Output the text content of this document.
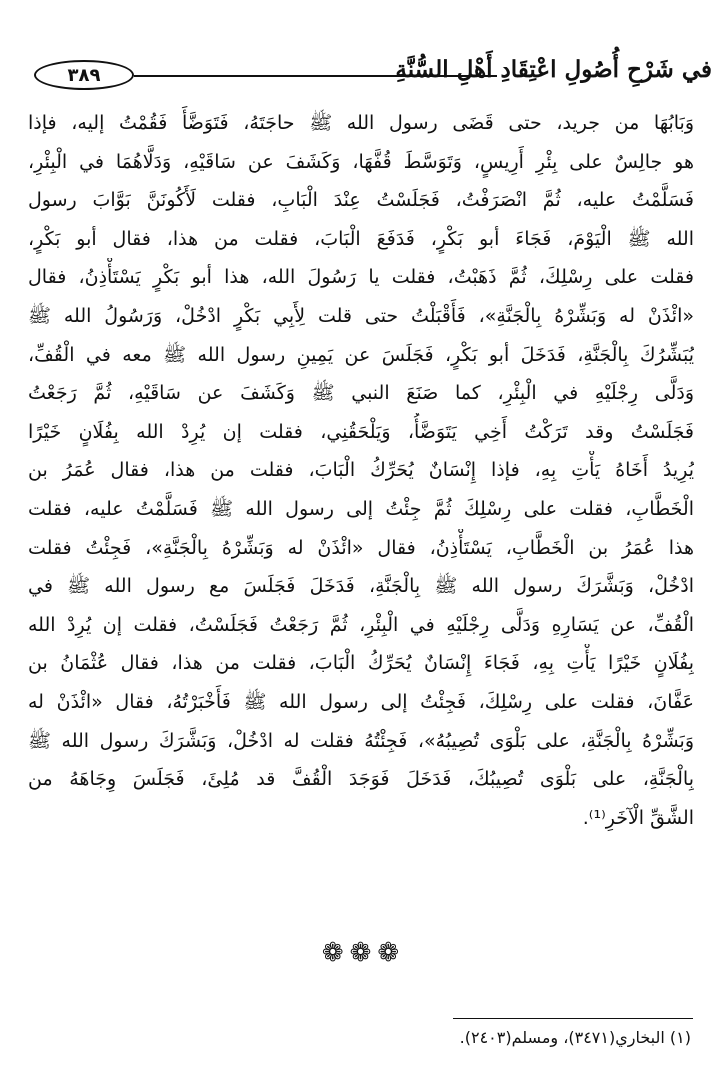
٣٨٩	في شَرْحِ أُصُولِ اعْتِقَادِ أَهْلِ السُّنَّةِ
وَبَابُهَا من جريد، حتى قَضَى رسول الله ﷺ حاجَتَهُ، فَتَوَضَّأَ فَقُمْتُ إليه، فإذا
هو جالِسٌ على بِئْرِ أَرِيسٍ، وَتَوَسَّطَ قُفَّهَا، وَكَشَفَ عن سَاقَيْهِ، وَدَلَّاهُمَا في الْبِئْرِ،
فَسَلَّمْتُ عليه، ثُمَّ انْصَرَفْتُ، فَجَلَسْتُ عِنْدَ الْبَابِ، فقلت لَأَكُونَنَّ بَوَّابَ رسول
الله ﷺ الْيَوْمَ، فَجَاءَ أبو بَكْرٍ، فَدَفَعَ الْبَابَ، فقلت من هذا، فقال أبو بَكْرٍ،
فقلت على رِسْلِكَ، ثُمَّ ذَهَبْتُ، فقلت يا رَسُولَ الله، هذا أبو بَكْرٍ يَسْتَأْذِنُ، فقال
«ائْذَنْ له وَبَشِّرْهُ بِالْجَنَّةِ»، فَأَقْبَلْتُ حتى قلت لِأَبِي بَكْرٍ ادْخُلْ، وَرَسُولُ الله ﷺ
يُبَشِّرُكَ بِالْجَنَّةِ، فَدَخَلَ أبو بَكْرٍ، فَجَلَسَ عن يَمِينِ رسول الله ﷺ معه في الْقُفِّ،
وَدَلَّى رِجْلَيْهِ في الْبِئْرِ، كما صَنَعَ النبي ﷺ وَكَشَفَ عن سَاقَيْهِ، ثُمَّ رَجَعْتُ
فَجَلَسْتُ وقد تَرَكْتُ أَخِي يَتَوَضَّأُ، وَيَلْحَقُنِي، فقلت إن يُرِدْ الله بِفُلَانٍ خَيْرًا
يُرِيدُ أَخَاهُ يَأْتِ بِهِ، فإذا إِنْسَانٌ يُحَرِّكُ الْبَابَ، فقلت من هذا، فقال عُمَرُ بن
الْخَطَّابِ، فقلت على رِسْلِكَ ثُمَّ جِئْتُ إلى رسول الله ﷺ فَسَلَّمْتُ عليه، فقلت
هذا عُمَرُ بن الْخَطَّابِ، يَسْتَأْذِنُ، فقال «ائْذَنْ له وَبَشِّرْهُ بِالْجَنَّةِ»، فَجِئْتُ فقلت
ادْخُلْ، وَبَشَّرَكَ رسول الله ﷺ بِالْجَنَّةِ، فَدَخَلَ فَجَلَسَ مع رسول الله ﷺ في
الْقُفِّ، عن يَسَارِهِ وَدَلَّى رِجْلَيْهِ في الْبِئْرِ، ثُمَّ رَجَعْتُ فَجَلَسْتُ، فقلت إن يُرِدْ الله
بِفُلَانٍ خَيْرًا يَأْتِ بِهِ، فَجَاءَ إِنْسَانٌ يُحَرِّكُ الْبَابَ، فقلت من هذا، فقال عُثْمَانُ بن
عَفَّانَ، فقلت على رِسْلِكَ، فَجِئْتُ إلى رسول الله ﷺ فَأَخْبَرْتُهُ، فقال «ائْذَنْ له
وَبَشِّرْهُ بِالْجَنَّةِ، على بَلْوَى تُصِيبُهُ»، فَجِئْتُهُ فقلت له ادْخُلْ، وَبَشَّرَكَ رسول الله ﷺ
بِالْجَنَّةِ، على بَلْوَى تُصِيبُكَ، فَدَخَلَ فَوَجَدَ الْقُفَّ قد مُلِئَ، فَجَلَسَ وِجَاهَهُ من
الشَّقِّ الْآخَرِ⁽¹⁾.
❁❁❁
(١) البخاري(٣٤٧١)، ومسلم(٢٤٠٣).
